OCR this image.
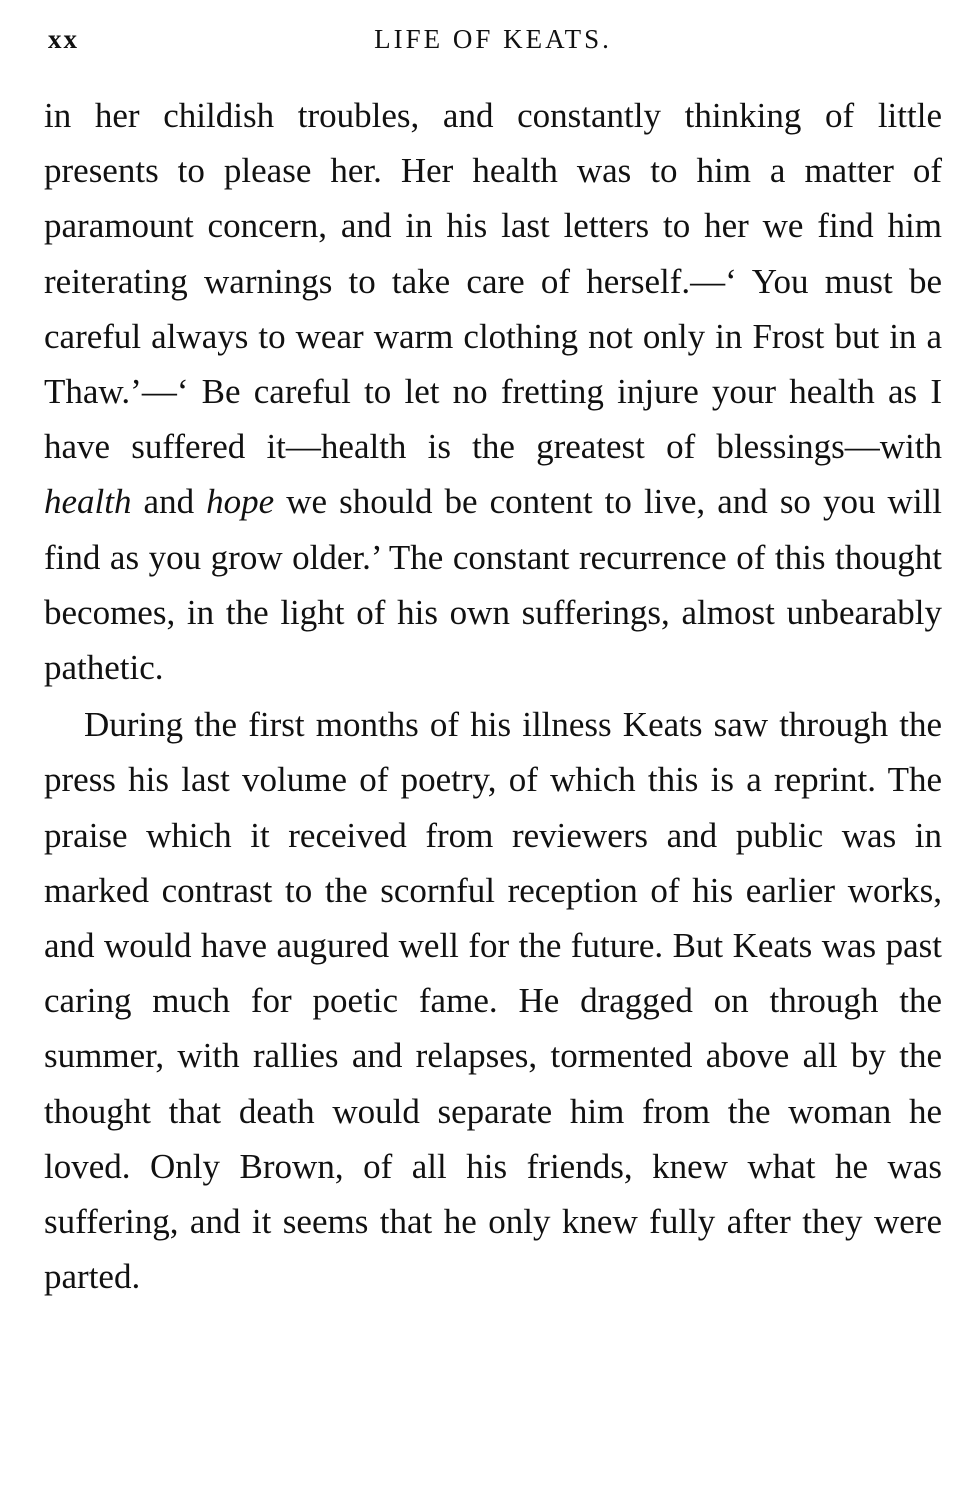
xx	LIFE OF KEATS.

in her childish troubles, and constantly thinking of little presents to please her. Her health was to him a matter of paramount concern, and in his last letters to her we find him reiterating warnings to take care of herself.—‘ You must be careful always to wear warm clothing not only in Frost but in a Thaw.’—‘ Be careful to let no fretting injure your health as I have suffered it—health is the greatest of blessings—with health and hope we should be content to live, and so you will find as you grow older.’ The constant recurrence of this thought becomes, in the light of his own sufferings, almost unbearably pathetic.

During the first months of his illness Keats saw through the press his last volume of poetry, of which this is a reprint. The praise which it received from reviewers and public was in marked contrast to the scornful reception of his earlier works, and would have augured well for the future. But Keats was past caring much for poetic fame. He dragged on through the summer, with rallies and relapses, tormented above all by the thought that death would separate him from the woman he loved. Only Brown, of all his friends, knew what he was suffering, and it seems that he only knew fully after they were parted.
